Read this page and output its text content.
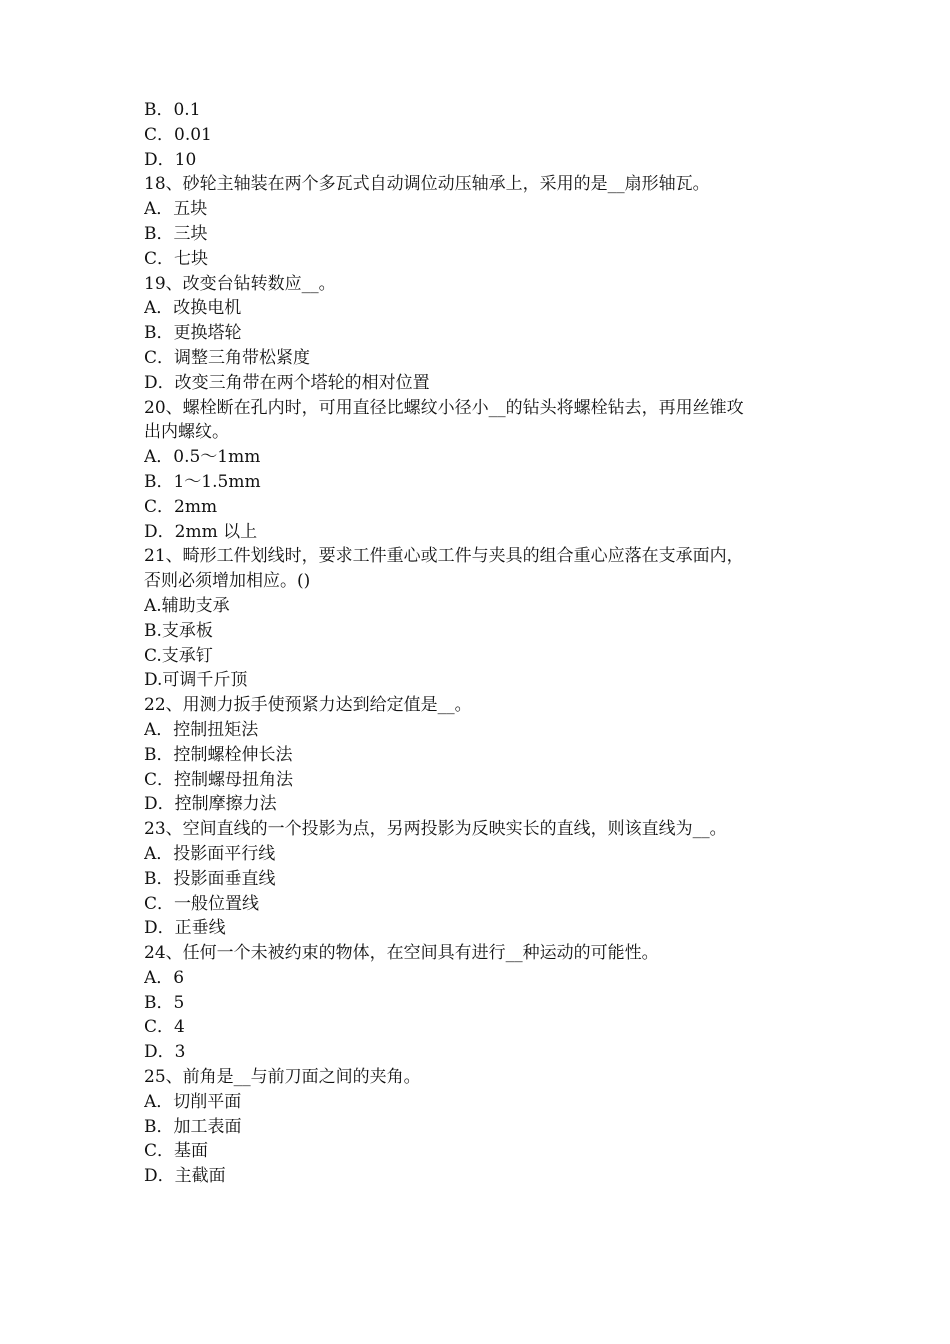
B．0.1
C．0.01
D．10
18、砂轮主轴装在两个多瓦式自动调位动压轴承上，采用的是__扇形轴瓦。
A．五块
B．三块
C．七块
19、改变台钻转数应__。
A．改换电机
B．更换塔轮
C．调整三角带松紧度
D．改变三角带在两个塔轮的相对位置
20、螺栓断在孔内时，可用直径比螺纹小径小__的钻头将螺栓钻去，再用丝锥攻
出内螺纹。
A．0.5～1mm
B．1～1.5mm
C．2mm
D．2mm 以上
21、畸形工件划线时，要求工件重心或工件与夹具的组合重心应落在支承面内，
否则必须增加相应。()
A.辅助支承
B.支承板
C.支承钉
D.可调千斤顶
22、用测力扳手使预紧力达到给定值是__。
A．控制扭矩法
B．控制螺栓伸长法
C．控制螺母扭角法
D．控制摩擦力法
23、空间直线的一个投影为点，另两投影为反映实长的直线，则该直线为__。
A．投影面平行线
B．投影面垂直线
C．一般位置线
D．正垂线
24、任何一个未被约束的物体，在空间具有进行__种运动的可能性。
A．6
B．5
C．4
D．3
25、前角是__与前刀面之间的夹角。
A．切削平面
B．加工表面
C．基面
D．主截面
